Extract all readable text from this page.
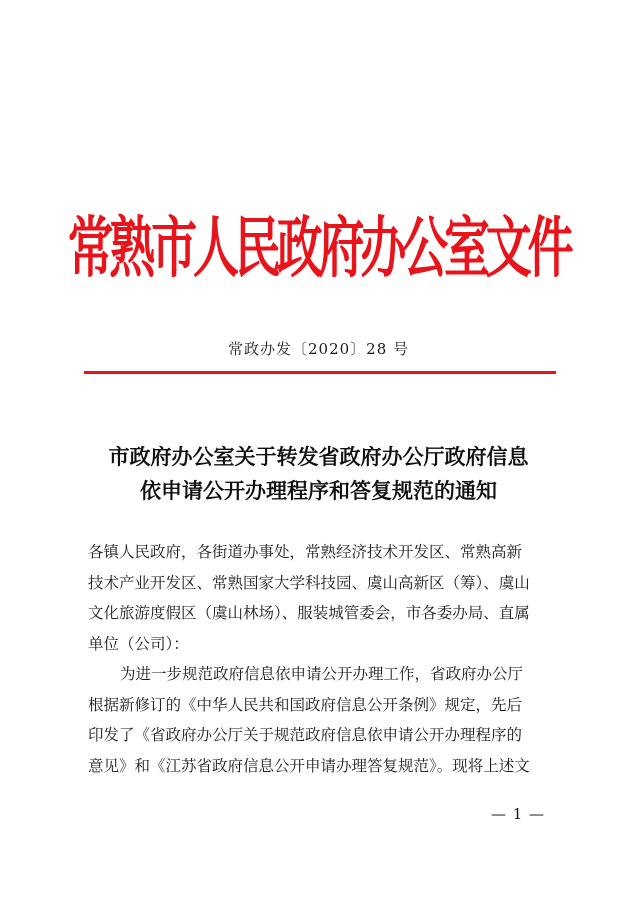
常熟市人民政府办公室文件
常政办发〔2020〕28 号
市政府办公室关于转发省政府办公厅政府信息
依申请公开办理程序和答复规范的通知
各镇人民政府，各街道办事处，常熟经济技术开发区、常熟高新
技术产业开发区、常熟国家大学科技园、虞山高新区（筹）、虞山
文化旅游度假区（虞山林场）、服装城管委会，市各委办局、直属
单位（公司）：
为进一步规范政府信息依申请公开办理工作，省政府办公厅
根据新修订的《中华人民共和国政府信息公开条例》规定，先后
印发了《省政府办公厅关于规范政府信息依申请公开办理程序的
意见》和《江苏省政府信息公开申请办理答复规范》。现将上述文
— 1 —
